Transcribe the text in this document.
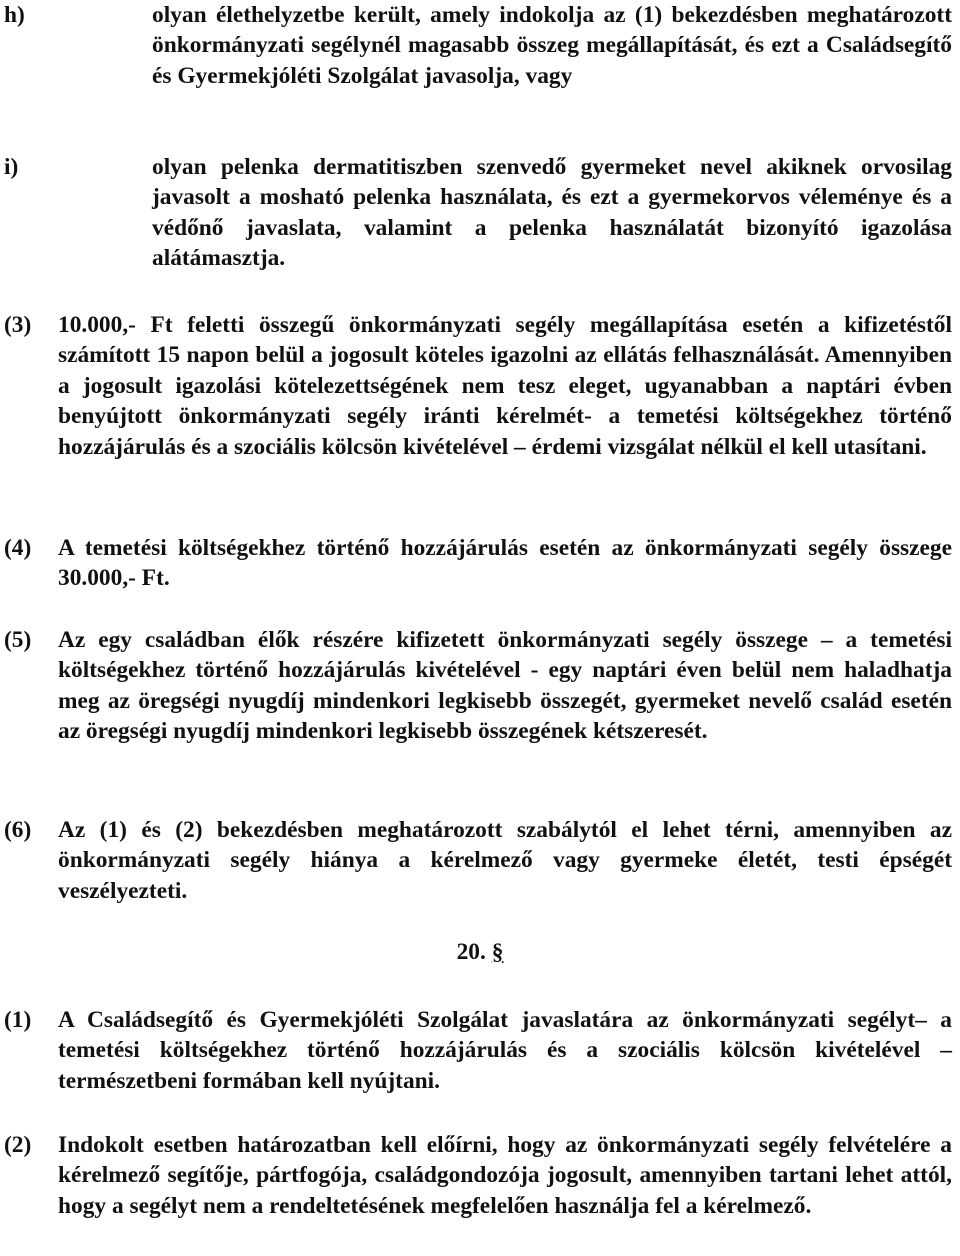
h)	olyan élethelyzetbe került, amely indokolja az (1) bekezdésben meghatározott önkormányzati segélynél magasabb összeg megállapítását, és ezt a Családsegítő és Gyermekjóléti Szolgálat javasolja, vagy
i)	olyan pelenka dermatitiszben szenvedő gyermeket nevel akiknek orvosilag javasolt a mosható pelenka használata, és ezt a gyermekorvos véleménye és a védőnő javaslata, valamint a pelenka használatát bizonyító igazolása alátámasztja.
(3) 10.000,- Ft feletti összegű önkormányzati segély megállapítása esetén a kifizetéstől számított 15 napon belül a jogosult köteles igazolni az ellátás felhasználását. Amennyiben a jogosult igazolási kötelezettségének nem tesz eleget, ugyanabban a naptári évben benyújtott önkormányzati segély iránti kérelmét- a temetési költségekhez történő hozzájárulás és a szociális kölcsön kivételével – érdemi vizsgálat nélkül el kell utasítani.
(4) A temetési költségekhez történő hozzájárulás esetén az önkormányzati segély összege 30.000,- Ft.
(5) Az egy családban élők részére kifizetett önkormányzati segély összege – a temetési költségekhez történő hozzájárulás kivételével - egy naptári éven belül nem haladhatja meg az öregségi nyugdíj mindenkori legkisebb összegét, gyermeket nevelő család esetén az öregségi nyugdíj mindenkori legkisebb összegének kétszeresét.
(6) Az (1) és (2) bekezdésben meghatározott szabálytól el lehet térni, amennyiben az önkormányzati segély hiánya a kérelmező vagy gyermeke életét, testi épségét veszélyezteti.
20. §
(1) A Családsegítő és Gyermekjóléti Szolgálat javaslatára az önkormányzati segélyt– a temetési költségekhez történő hozzájárulás és a szociális kölcsön kivételével – természetbeni formában kell nyújtani.
(2) Indokolt esetben határozatban kell előírni, hogy az önkormányzati segély felvételére a kérelmező segítője, pártfogója, családgondozója jogosult, amennyiben tartani lehet attól, hogy a segélyt nem a rendeltetésének megfelelően használja fel a kérelmező.
